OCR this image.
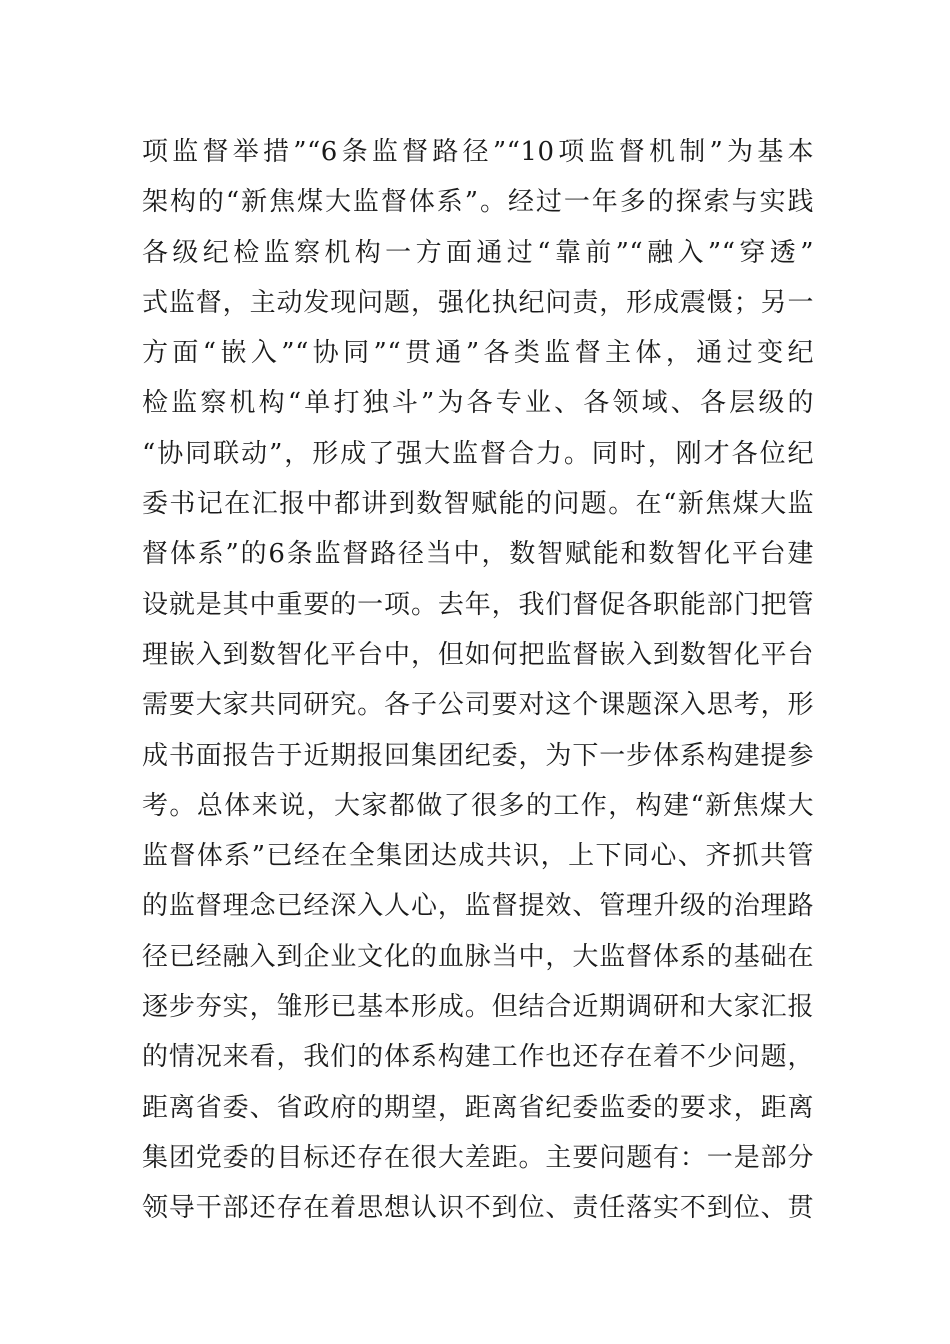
项监督举措”“6条监督路径”“10项监督机制”为基本
架构的“新焦煤大监督体系”。经过一年多的探索与实践
各级纪检监察机构一方面通过“靠前”“融入”“穿透”
式监督，主动发现问题，强化执纪问责，形成震慑；另一
方面“嵌入”“协同”“贯通”各类监督主体，通过变纪
检监察机构“单打独斗”为各专业、各领域、各层级的
“协同联动”，形成了强大监督合力。同时，刚才各位纪
委书记在汇报中都讲到数智赋能的问题。在“新焦煤大监
督体系”的6条监督路径当中，数智赋能和数智化平台建
设就是其中重要的一项。去年，我们督促各职能部门把管
理嵌入到数智化平台中，但如何把监督嵌入到数智化平台
需要大家共同研究。各子公司要对这个课题深入思考，形
成书面报告于近期报回集团纪委，为下一步体系构建提参
考。总体来说，大家都做了很多的工作，构建“新焦煤大
监督体系”已经在全集团达成共识，上下同心、齐抓共管
的监督理念已经深入人心，监督提效、管理升级的治理路
径已经融入到企业文化的血脉当中，大监督体系的基础在
逐步夯实，雏形已基本形成。但结合近期调研和大家汇报
的情况来看，我们的体系构建工作也还存在着不少问题，
距离省委、省政府的期望，距离省纪委监委的要求，距离
集团党委的目标还存在很大差距。主要问题有：一是部分
领导干部还存在着思想认识不到位、责任落实不到位、贯
